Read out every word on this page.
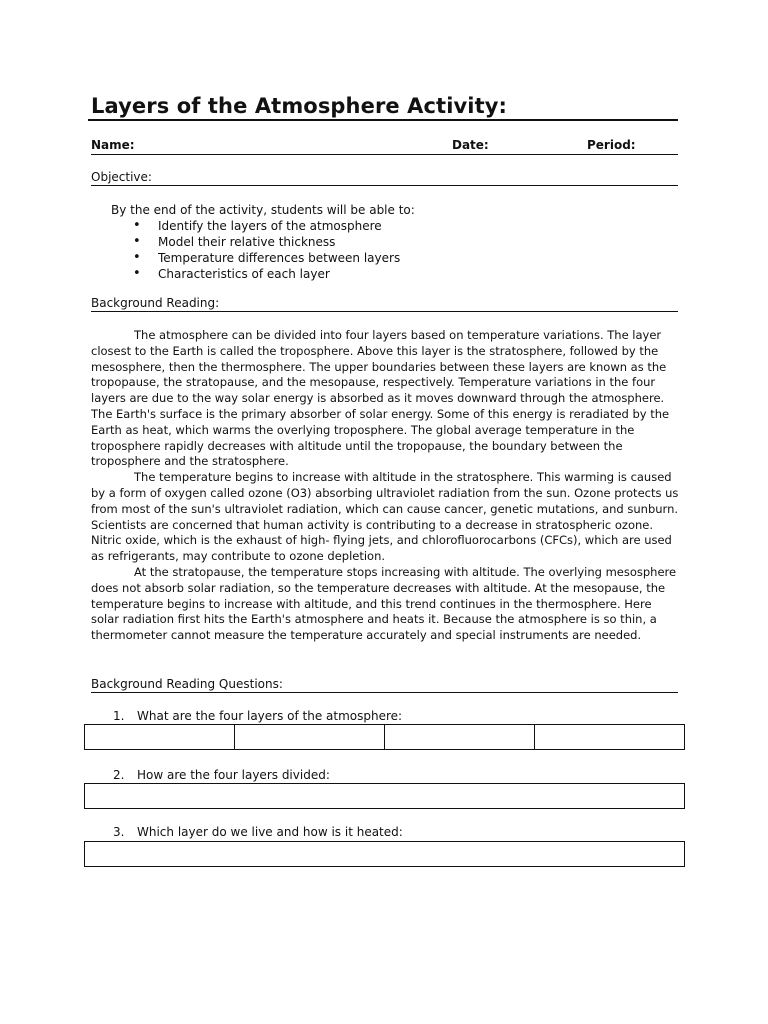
Layers of the Atmosphere Activity:
Name:	Date:	Period:
Objective:
By the end of the activity, students will be able to:
• Identify the layers of the atmosphere
• Model their relative thickness
• Temperature differences between layers
• Characteristics of each layer
Background Reading:

The atmosphere can be divided into four layers based on temperature variations. The layer closest to the Earth is called the troposphere. Above this layer is the stratosphere, followed by the mesosphere, then the thermosphere. The upper boundaries between these layers are known as the tropopause, the stratopause, and the mesopause, respectively. Temperature variations in the four layers are due to the way solar energy is absorbed as it moves downward through the atmosphere. The Earth's surface is the primary absorber of solar energy. Some of this energy is reradiated by the Earth as heat, which warms the overlying troposphere. The global average temperature in the troposphere rapidly decreases with altitude until the tropopause, the boundary between the troposphere and the stratosphere.

The temperature begins to increase with altitude in the stratosphere. This warming is caused by a form of oxygen called ozone (O3) absorbing ultraviolet radiation from the sun. Ozone protects us from most of the sun's ultraviolet radiation, which can cause cancer, genetic mutations, and sunburn. Scientists are concerned that human activity is contributing to a decrease in stratospheric ozone. Nitric oxide, which is the exhaust of high- flying jets, and chlorofluorocarbons (CFCs), which are used as refrigerants, may contribute to ozone depletion.

At the stratopause, the temperature stops increasing with altitude. The overlying mesosphere does not absorb solar radiation, so the temperature decreases with altitude. At the mesopause, the temperature begins to increase with altitude, and this trend continues in the thermosphere. Here solar radiation first hits the Earth's atmosphere and heats it. Because the atmosphere is so thin, a thermometer cannot measure the temperature accurately and special instruments are needed.

Background Reading Questions:
1. What are the four layers of the atmosphere:
2. How are the four layers divided:
3. Which layer do we live and how is it heated:
